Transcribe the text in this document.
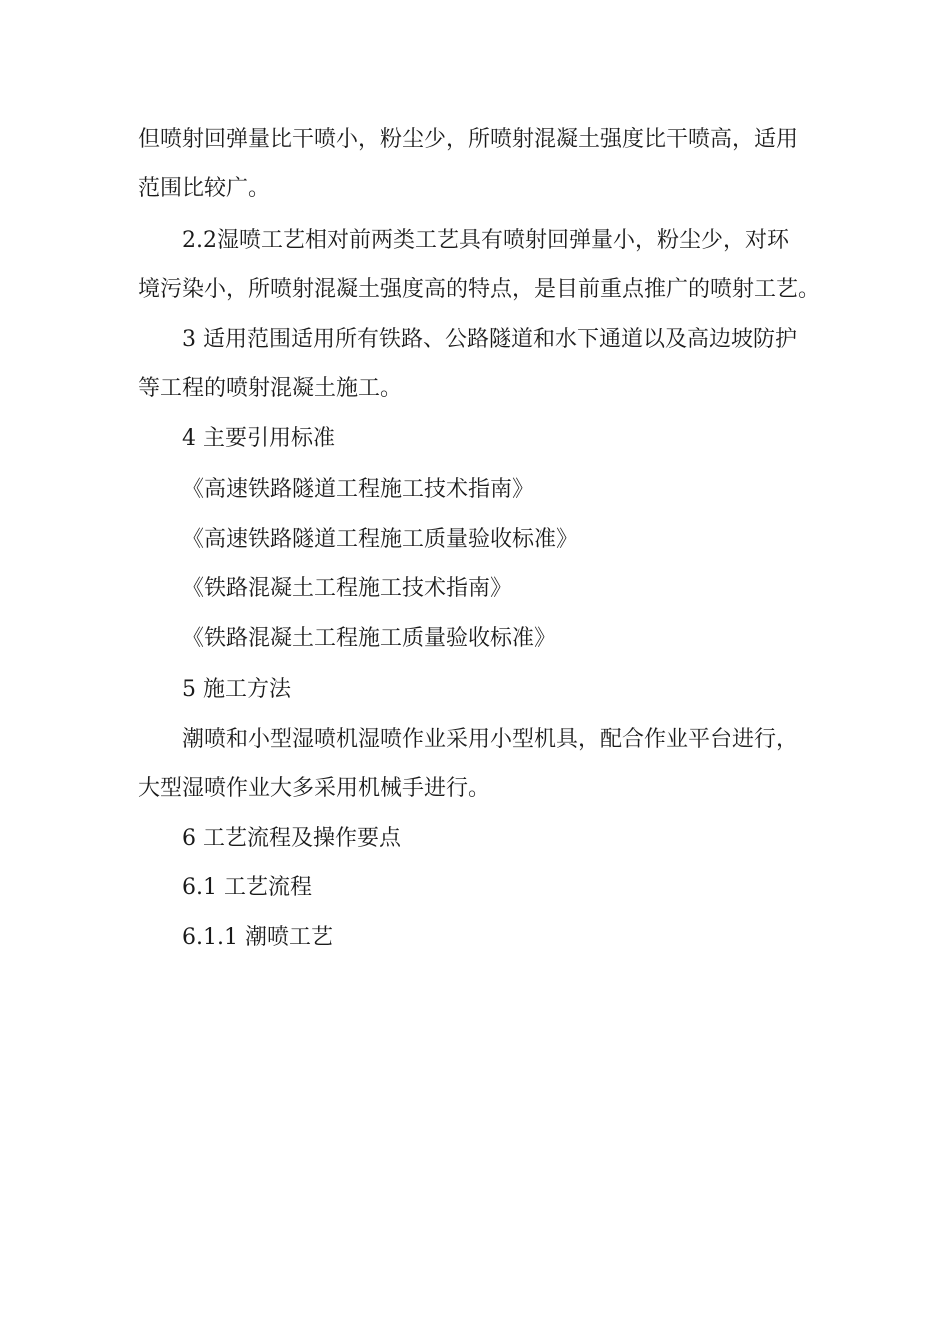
但喷射回弹量比干喷小，粉尘少，所喷射混凝土强度比干喷高，适用
范围比较广。
2.2湿喷工艺相对前两类工艺具有喷射回弹量小，粉尘少，对环
境污染小，所喷射混凝土强度高的特点，是目前重点推广的喷射工艺。
3 适用范围适用所有铁路、公路隧道和水下通道以及高边坡防护
等工程的喷射混凝土施工。
4 主要引用标准
《高速铁路隧道工程施工技术指南》
《高速铁路隧道工程施工质量验收标准》
《铁路混凝土工程施工技术指南》
《铁路混凝土工程施工质量验收标准》
5 施工方法
潮喷和小型湿喷机湿喷作业采用小型机具，配合作业平台进行，
大型湿喷作业大多采用机械手进行。
6 工艺流程及操作要点
6.1 工艺流程
6.1.1 潮喷工艺
